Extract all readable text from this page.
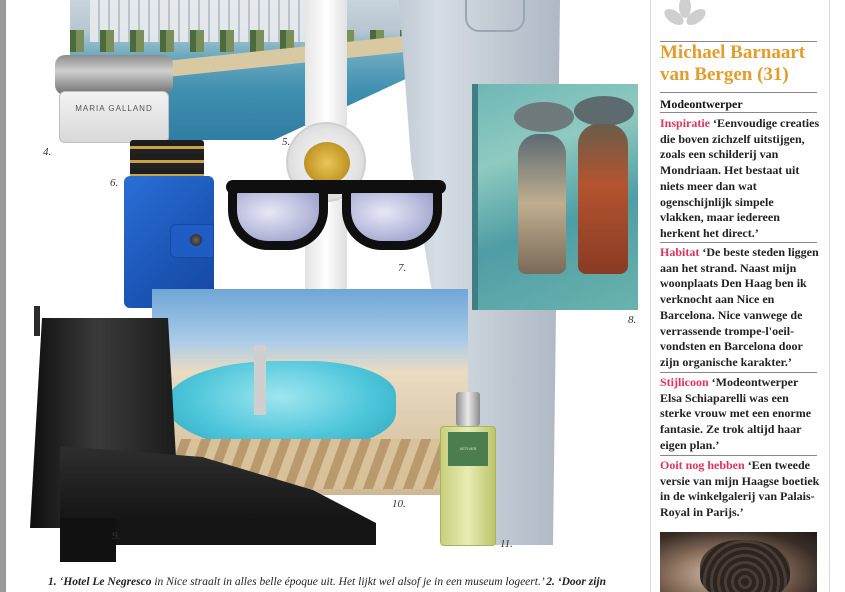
MARIA GALLAND
VETIVER
4.
5.
6.
7.
8.
9.
10.
11.
Michael Barnaart van Bergen (31)
Modeontwerper
Inspiratie ‘Eenvoudige creaties die boven zichzelf uitstijgen, zoals een schilderij van Mondriaan. Het bestaat uit niets meer dan wat ogenschijnlijk simpele vlakken, maar iedereen herkent het direct.’
Habitat ‘De beste steden liggen aan het strand. Naast mijn woonplaats Den Haag ben ik verknocht aan Nice en Barcelona. Nice vanwege de verrassende trompe-l'oeil-vondsten en Barcelona door zijn organische karakter.’
Stijlicoon ‘Modeontwerper Elsa Schiaparelli was een sterke vrouw met een enorme fantasie. Ze trok altijd haar eigen plan.’
Ooit nog hebben ‘Een tweede versie van mijn Haagse boetiek in de winkelgalerij van Palais-Royal in Parijs.’
1. ‘Hotel Le Negresco in Nice straalt in alles belle époque uit. Het lijkt wel alsof je in een museum logeert.’ 2. ‘Door zijn
